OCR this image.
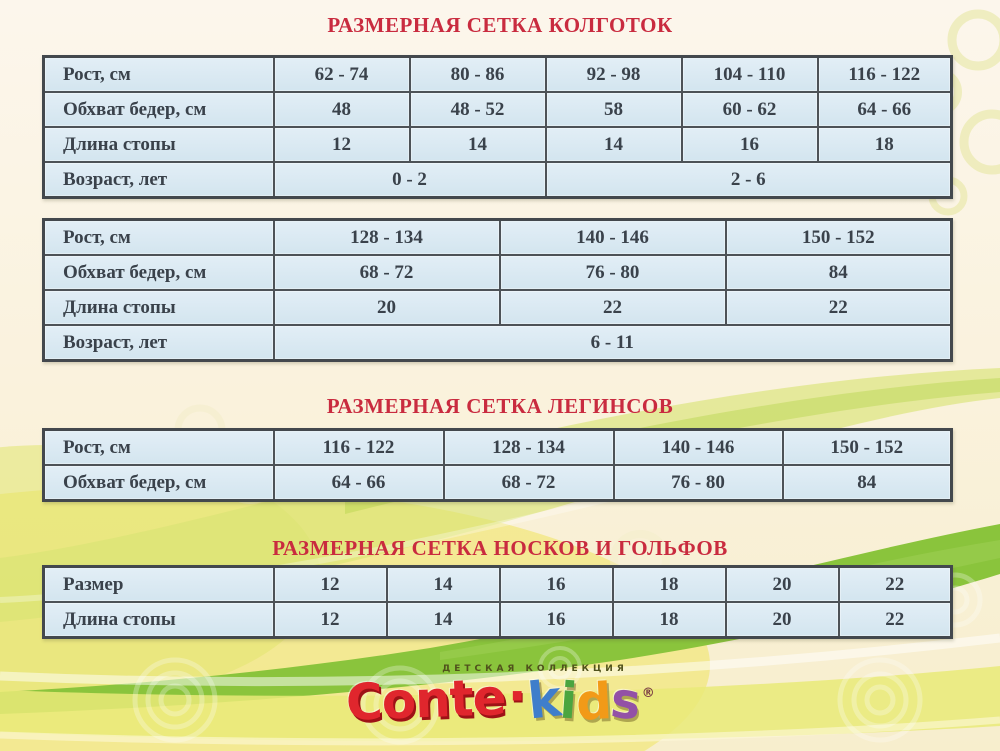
РАЗМЕРНАЯ СЕТКА КОЛГОТОК
РАЗМЕРНАЯ СЕТКА ЛЕГИНСОВ
РАЗМЕРНАЯ СЕТКА НОСКОВ И ГОЛЬФОВ
Рост, см	62 - 74	80 - 86	92 - 98	104 - 110	116 - 122
Обхват бедер, см	48	48 - 52	58	60 - 62	64 - 66
Длина стопы	12	14	14	16	18
Возраст, лет	0 - 2		2 - 6		
Рост, см	128 - 134	140 - 146	150 - 152
Обхват бедер, см	68 - 72	76 - 80	84
Длина стопы	20	22	22
Возраст, лет	6 - 11		
Рост, см	116 - 122	128 - 134	140 - 146	150 - 152
Обхват бедер, см	64 - 66	68 - 72	76 - 80	84
Размер	12	14	16	18	20	22
Длина стопы	12	14	16	18	20	22
ДЕТСКАЯ КОЛЛЕКЦИЯ
Conte·kids®
